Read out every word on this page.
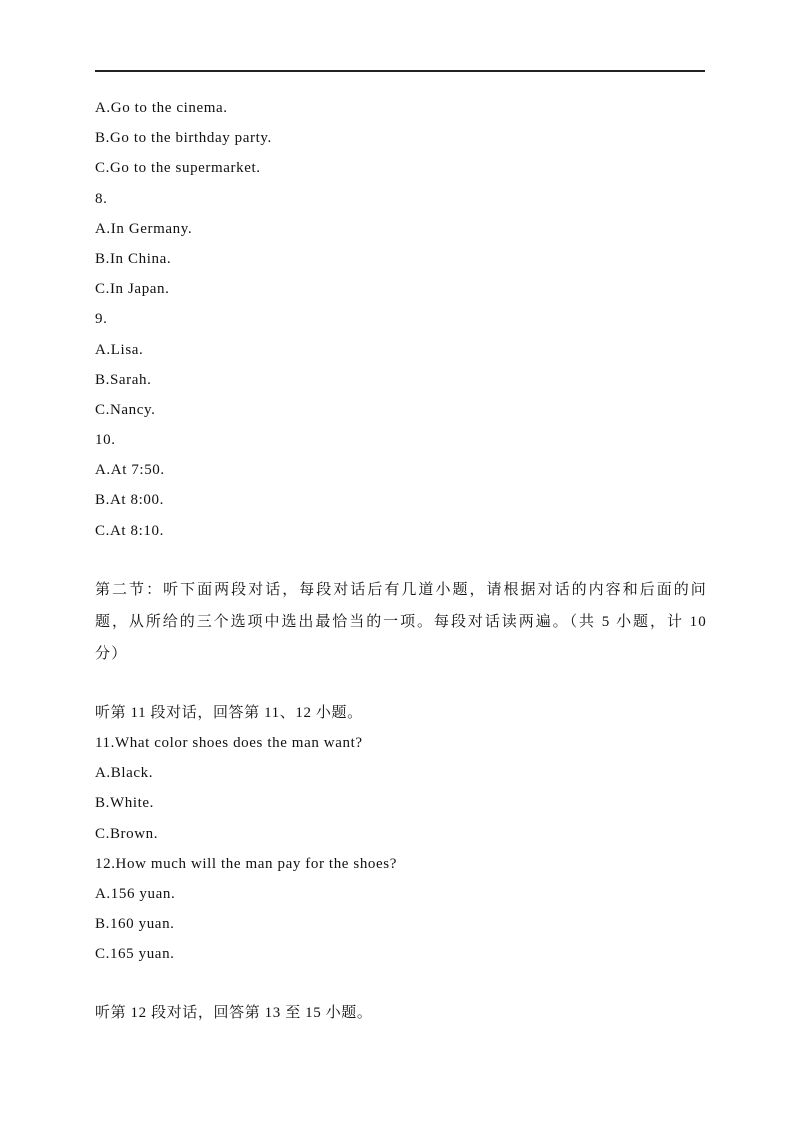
A.Go to the cinema.
B.Go to the birthday party.
C.Go to the supermarket.
8.
A.In Germany.
B.In China.
C.In Japan.
9.
A.Lisa.
B.Sarah.
C.Nancy.
10.
A.At 7:50.
B.At 8:00.
C.At 8:10.
第二节：听下面两段对话，每段对话后有几道小题，请根据对话的内容和后面的问题，从所给的三个选项中选出最恰当的一项。每段对话读两遍。（共 5 小题，计 10 分）
听第 11 段对话，回答第 11、12 小题。
11.What color shoes does the man want?
A.Black.
B.White.
C.Brown.
12.How much will the man pay for the shoes?
A.156 yuan.
B.160 yuan.
C.165 yuan.
听第 12 段对话，回答第 13 至 15 小题。
